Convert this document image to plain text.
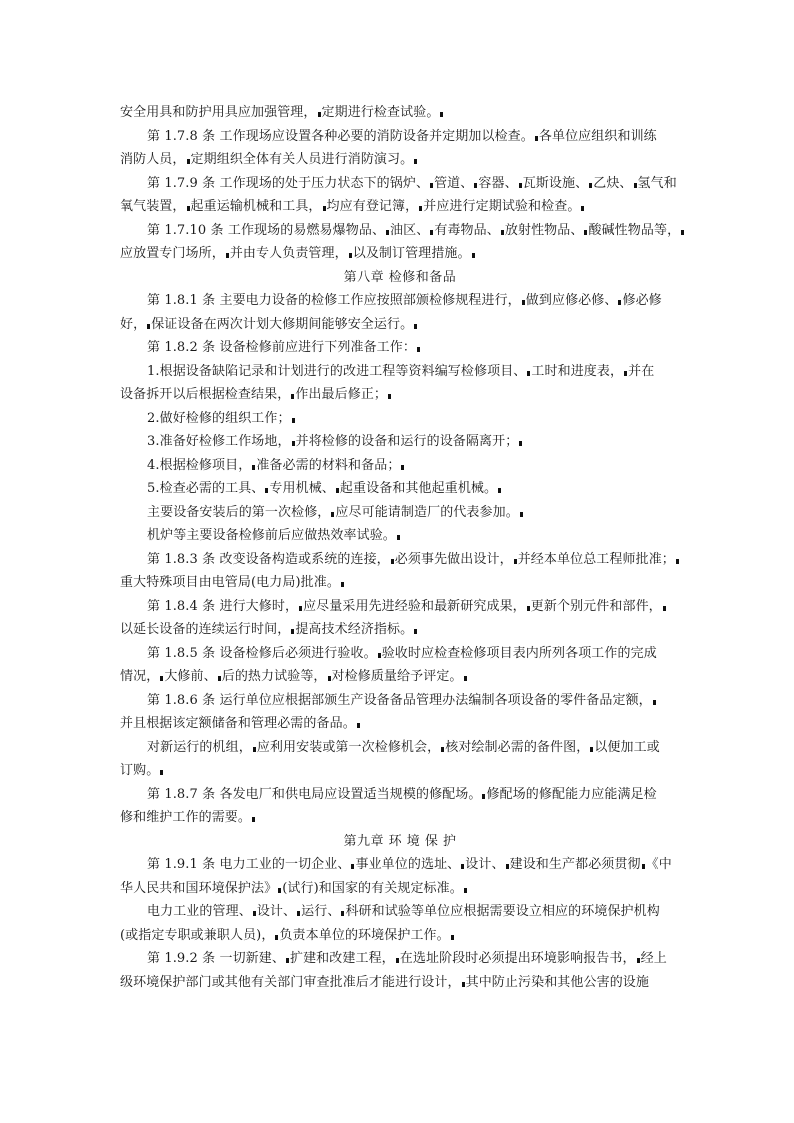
安全用具和防护用具应加强管理， 定期进行检查试验。
第 1.7.8 条 工作现场应设置各种必要的消防设备并定期加以检查。 各单位应组织和训练
消防人员， 定期组织全体有关人员进行消防演习。
第 1.7.9 条 工作现场的处于压力状态下的锅炉、 管道、 容器、 瓦斯设施、 乙炔、 氢气和
氧气装置， 起重运输机械和工具， 均应有登记簿， 并应进行定期试验和检查。
第 1.7.10 条 工作现场的易燃易爆物品、 油区、 有毒物品、 放射性物品、 酸碱性物品等，
应放置专门场所， 并由专人负责管理， 以及制订管理措施。
第八章 检修和备品
第 1.8.1 条 主要电力设备的检修工作应按照部颁检修规程进行， 做到应修必修、 修必修
好， 保证设备在两次计划大修期间能够安全运行。
第 1.8.2 条 设备检修前应进行下列准备工作：
1.根据设备缺陷记录和计划进行的改进工程等资料编写检修项目、 工时和进度表， 并在
设备拆开以后根据检查结果， 作出最后修正；
2.做好检修的组织工作；
3.准备好检修工作场地， 并将检修的设备和运行的设备隔离开；
4.根据检修项目， 准备必需的材料和备品；
5.检查必需的工具、 专用机械、 起重设备和其他起重机械。
主要设备安装后的第一次检修， 应尽可能请制造厂的代表参加。
机炉等主要设备检修前后应做热效率试验。
第 1.8.3 条 改变设备构造或系统的连接， 必须事先做出设计， 并经本单位总工程师批准；
重大特殊项目由电管局(电力局)批准。
第 1.8.4 条 进行大修时， 应尽量采用先进经验和最新研究成果， 更新个别元件和部件，
以延长设备的连续运行时间， 提高技术经济指标。
第 1.8.5 条 设备检修后必须进行验收。 验收时应检查检修项目表内所列各项工作的完成
情况， 大修前、 后的热力试验等， 对检修质量给予评定。
第 1.8.6 条 运行单位应根据部颁生产设备备品管理办法编制各项设备的零件备品定额，
并且根据该定额储备和管理必需的备品。
对新运行的机组， 应利用安装或第一次检修机会， 核对绘制必需的备件图， 以便加工或
订购。
第 1.8.7 条 各发电厂和供电局应设置适当规模的修配场。 修配场的修配能力应能满足检
修和维护工作的需要。
第九章 环 境 保 护
第 1.9.1 条 电力工业的一切企业、 事业单位的选址、 设计、 建设和生产都必须贯彻 《中
华人民共和国环境保护法》 (试行)和国家的有关规定标准。
电力工业的管理、 设计、 运行、 科研和试验等单位应根据需要设立相应的环境保护机构
(或指定专职或兼职人员)， 负责本单位的环境保护工作。
第 1.9.2 条 一切新建、 扩建和改建工程， 在选址阶段时必须提出环境影响报告书， 经上
级环境保护部门或其他有关部门审查批准后才能进行设计， 其中防止污染和其他公害的设施
